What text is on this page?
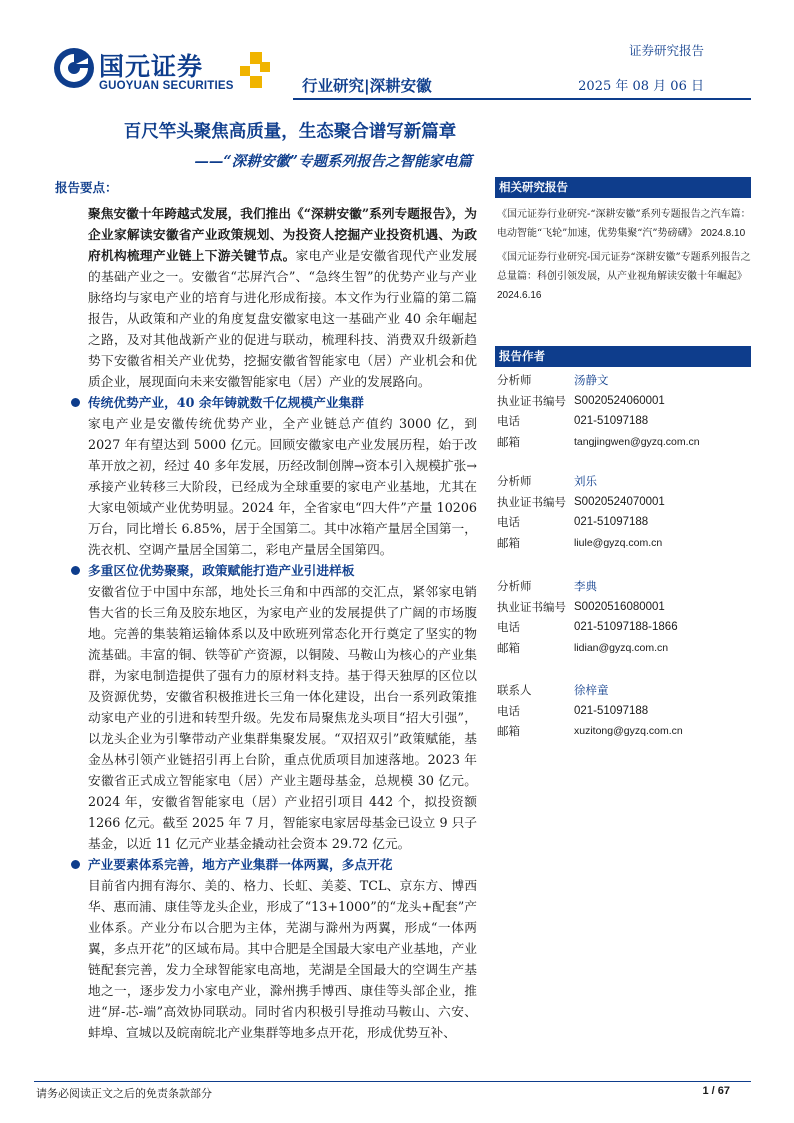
国元证券
GUOYUAN SECURITIES
证券研究报告
行业研究|深耕安徽	2025 年 08 月 06 日
百尺竿头聚焦高质量，生态聚合谱写新篇章
——“深耕安徽”专题系列报告之智能家电篇
报告要点：

聚焦安徽十年跨越式发展，我们推出《“深耕安徽”系列专题报告》，为企业家解读安徽省产业政策规划、为投资人挖掘产业投资机遇、为政府机构梳理产业链上下游关键节点。家电产业是安徽省现代产业发展的基础产业之一。安徽省“芯屏汽合”、“急终生智”的优势产业与产业脉络均与家电产业的培育与进化形成衔接。本文作为行业篇的第二篇报告，从政策和产业的角度复盘安徽家电这一基础产业 40 余年崛起之路，及对其他战新产业的促进与联动，梳理科技、消费双升级新趋势下安徽省相关产业优势，挖掘安徽省智能家电（居）产业机会和优质企业，展现面向未来安徽智能家电（居）产业的发展路向。

传统优势产业，40 余年铸就数千亿规模产业集群

家电产业是安徽传统优势产业，全产业链总产值约 3000 亿，到 2027 年有望达到 5000 亿元。回顾安徽家电产业发展历程，始于改革开放之初，经过 40 多年发展，历经改制创牌→资本引入规模扩张→承接产业转移三大阶段，已经成为全球重要的家电产业基地，尤其在大家电领域产业优势明显。2024 年，全省家电“四大件”产量 10206 万台，同比增长 6.85%，居于全国第二。其中冰箱产量居全国第一，洗衣机、空调产量居全国第二，彩电产量居全国第四。

多重区位优势聚聚，政策赋能打造产业引进样板

安徽省位于中国中东部，地处长三角和中西部的交汇点，紧邻家电销售大省的长三角及胶东地区，为家电产业的发展提供了广阔的市场腹地。完善的集装箱运输体系以及中欧班列常态化开行奠定了坚实的物流基础。丰富的铜、铁等矿产资源，以铜陵、马鞍山为核心的产业集群，为家电制造提供了强有力的原材料支持。基于得天独厚的区位以及资源优势，安徽省积极推进长三角一体化建设，出台一系列政策推动家电产业的引进和转型升级。先发布局聚焦龙头项目“招大引强”，以龙头企业为引擎带动产业集群集聚发展。“双招双引”政策赋能，基金丛林引领产业链招引再上台阶，重点优质项目加速落地。2023 年安徽省正式成立智能家电（居）产业主题母基金，总规模 30 亿元。2024 年，安徽省智能家电（居）产业招引项目 442 个，拟投资额 1266 亿元。截至 2025 年 7 月，智能家电家居母基金已设立 9 只子基金，以近 11 亿元产业基金撬动社会资本 29.72 亿元。

产业要素体系完善，地方产业集群一体两翼，多点开花

目前省内拥有海尔、美的、格力、长虹、美菱、TCL、京东方、博西华、惠而浦、康佳等龙头企业，形成了“13+1000”的“龙头+配套”产业体系。产业分布以合肥为主体，芜湖与滁州为两翼，形成“一体两翼，多点开花”的区域布局。其中合肥是全国最大家电产业基地，产业链配套完善，发力全球智能家电高地，芜湖是全国最大的空调生产基地之一，逐步发力小家电产业，滁州携手博西、康佳等头部企业，推进“屏-芯-端”高效协同联动。同时省内积极引导推动马鞍山、六安、蚌埠、宣城以及皖南皖北产业集群等地多点开花，形成优势互补、

相关研究报告

《国元证券行业研究-“深耕安徽”系列专题报告之汽车篇：电动智能“飞轮”加速，优势集聚“汽”势磅礴》 2024.8.10

《国元证券行业研究-国元证券“深耕安徽”专题系列报告之总量篇：科创引领发展，从产业视角解读安徽十年崛起》 2024.6.16

报告作者
分析师	汤静文
执业证书编号 S0020524060001
电话	021-51097188
邮箱	tangjingwen@gyzq.com.cn
分析师	刘乐
执业证书编号 S0020524070001
电话	021-51097188
邮箱	liule@gyzq.com.cn
分析师	李典
执业证书编号 S0020516080001
电话	021-51097188-1866
邮箱	lidian@gyzq.com.cn
联系人	徐梓童
电话	021-51097188
邮箱	xuzitong@gyzq.com.cn
请务必阅读正文之后的免责条款部分	1 / 67
